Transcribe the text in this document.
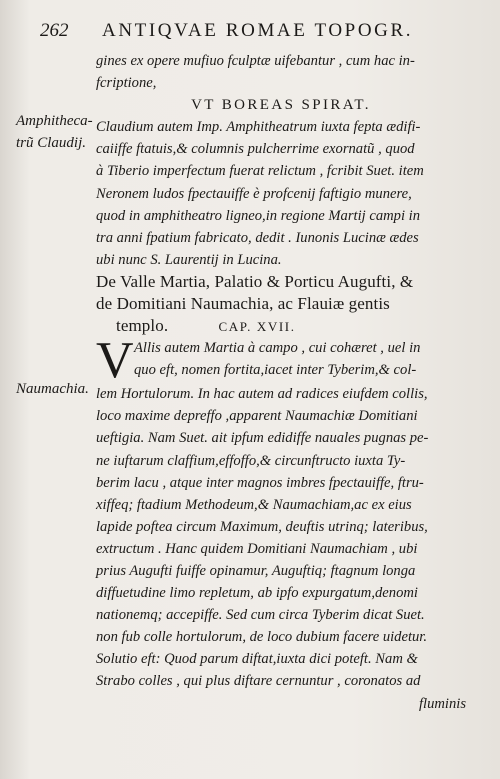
262 ANTIQVAE ROMAE TOPOGR.
Amphitheca-
trũ Claudij.
Naumachia.
gines ex opere mufiuo fculptæ uifebantur , cum hac in-
fcriptione,
VT BOREAS SPIRAT.
Claudium autem Imp. Amphitheatrum iuxta fepta ædifi-
caiiffe ftatuis,& columnis pulcherrime exornatũ , quod
à Tiberio imperfectum fuerat relictum , fcribit Suet. item
Neronem ludos fpectauiffe è profcenij faftigio munere,
quod in amphitheatro ligneo,in regione Martij campi in
tra anni fpatium fabricato, dedit . Iunonis Lucinæ ædes
ubi nunc S. Laurentij in Lucina.
De Valle Martia, Palatio & Porticu Augufti, &
de Domitiani Naumachia, ac Flauiæ gentis
templo.	CAP. XVII.
V Allis autem Martia à campo , cui cohæret , uel in
quo eft, nomen fortita,iacet inter Tyberim,& col-
lem Hortulorum. In hac autem ad radices eiufdem collis,
loco maxime depreffo ,apparent Naumachiæ Domitiani
ueftigia. Nam Suet. ait ipfum edidiffe nauales pugnas pe-
ne iuftarum claffium,effoffo,& circunftructo iuxta Ty-
berim lacu , atque inter magnos imbres fpectauiffe, ftru-
xiffeq; ftadium Methodeum,& Naumachiam,ac ex eius
lapide poftea circum Maximum, deuftis utrinq; lateribus,
extructum . Hanc quidem Domitiani Naumachiam , ubi
prius Augufti fuiffe opinamur, Auguftiq; ftagnum longa
diffuetudine limo repletum, ab ipfo expurgatum,denomi
nationemq; accepiffe. Sed cum circa Tyberim dicat Suet.
non fub colle hortulorum, de loco dubium facere uidetur.
Solutio eft: Quod parum diftat,iuxta dici poteft. Nam &
Strabo colles , qui plus diftare cernuntur , coronatos ad
fluminis
